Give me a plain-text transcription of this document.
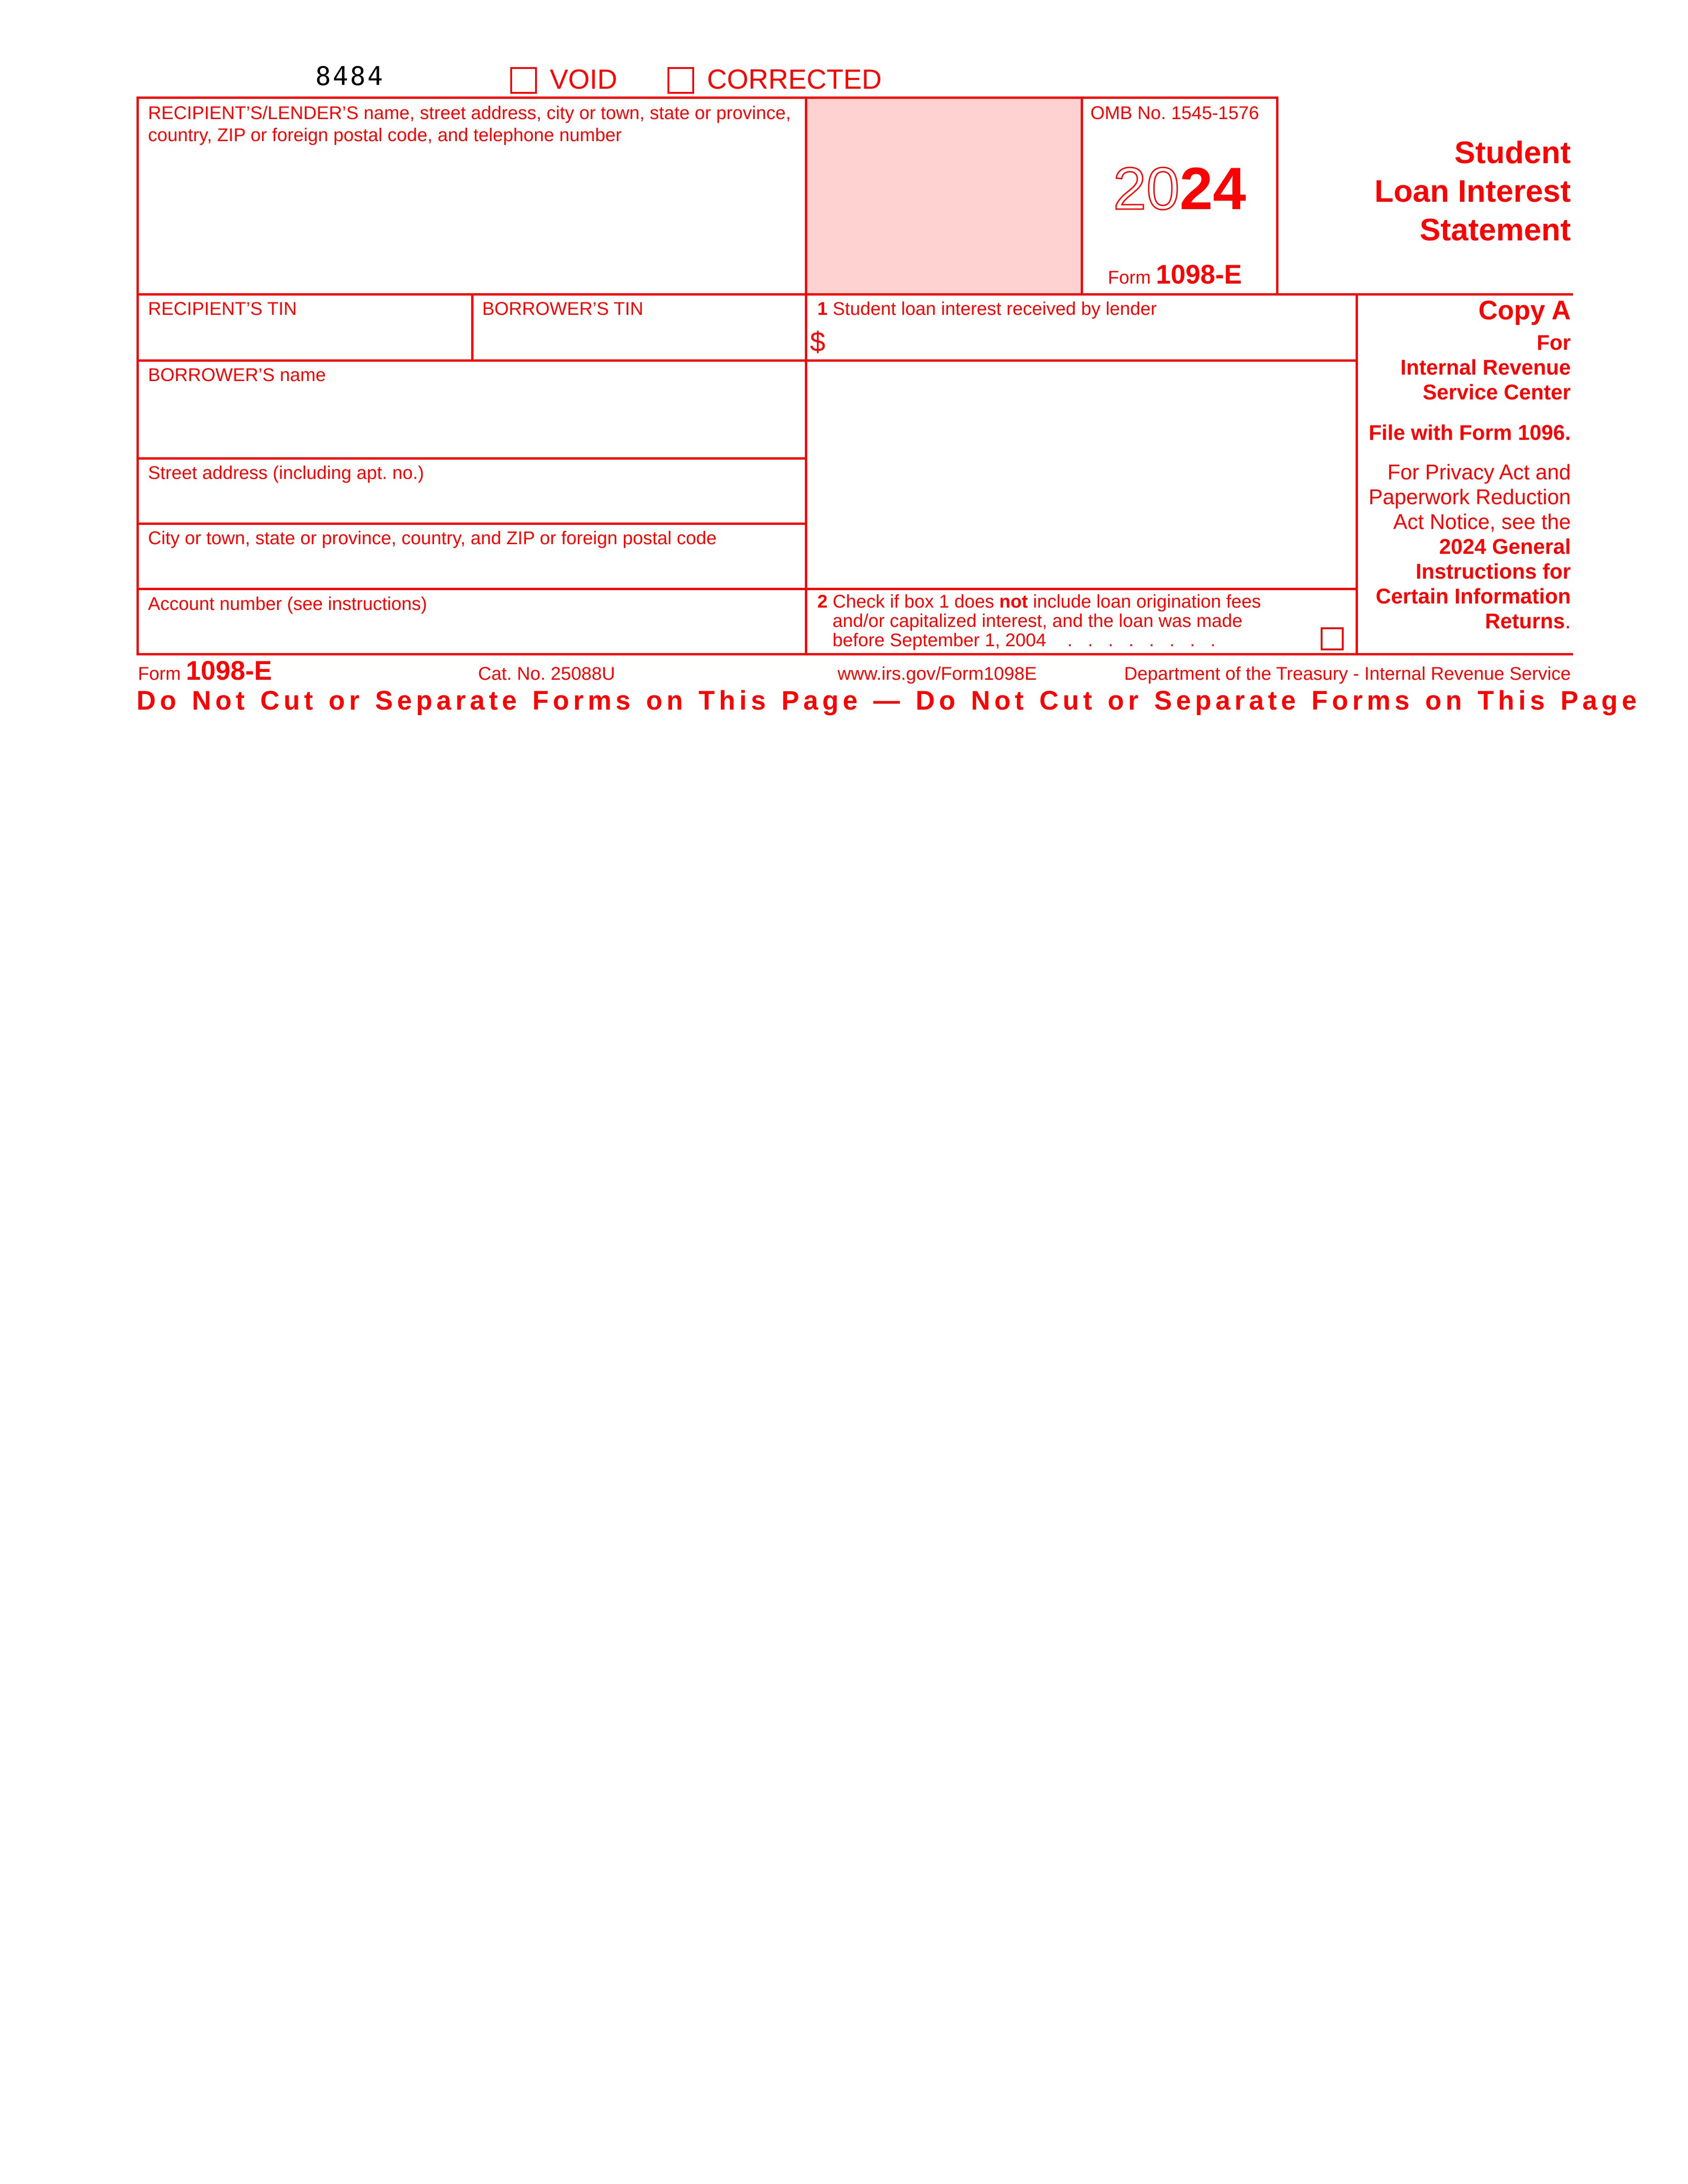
8484	VOID	CORRECTED
RECIPIENT’S/LENDER’S name, street address, city or town, state or province, country, ZIP or foreign postal code, and telephone number
OMB No. 1545-1576
2024
Form 1098-E
Student
Loan Interest
Statement
RECIPIENT’S TIN	BORROWER’S TIN	1 Student loan interest received by lender
$
BORROWER’S name
Street address (including apt. no.)
City or town, state or province, country, and ZIP or foreign postal code
Account number (see instructions)	2 Check if box 1 does not include loan origination fees
and/or capitalized interest, and the loan was made
before September 1, 2004 .   .   .   .   .   .   .   .
Copy A
For
Internal Revenue
Service Center
File with Form 1096.
For Privacy Act and
Paperwork Reduction
Act Notice, see the
2024 General
Instructions for
Certain Information
Returns.
Form 1098-E	Cat. No. 25088U	www.irs.gov/Form1098E	Department of the Treasury - Internal Revenue Service
Do Not Cut or Separate Forms on This Page — Do Not Cut or Separate Forms on This Page
